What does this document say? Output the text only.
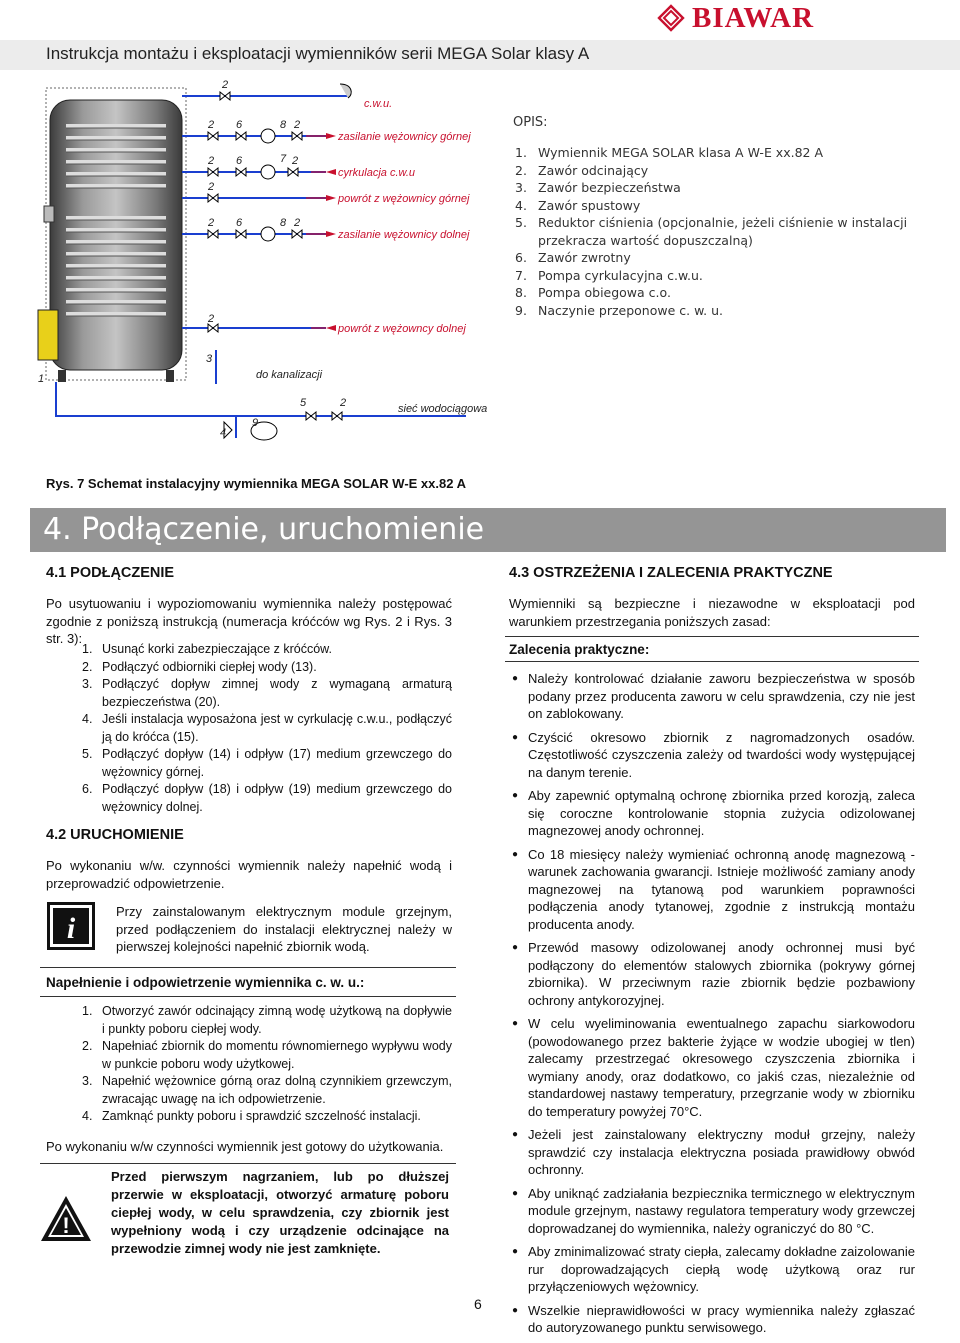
BIAWAR
Instrukcja montażu i eksploatacji wymienników serii MEGA Solar klasy A
c.w.u.
zasilanie wężownicy górnej
cyrkulacja c.w.u
powrót z wężownicy górnej
zasilanie wężownicy dolnej
powrót z wężowncy dolnej
do kanalizacji
sieć wodociągowa
2
2 6	8 2
2 6	7 2
2
2 6	8 2
2
1
3
4
9
5	2
OPIS:
1. Wymiennik MEGA SOLAR klasa A W-E xx.82 A
2. Zawór odcinający
3. Zawór bezpieczeństwa
4. Zawór spustowy
5. Reduktor ciśnienia (opcjonalnie, jeżeli ciśnienie w instalacji przekracza wartość dopuszczalną)
6. Zawór zwrotny
7. Pompa cyrkulacyjna c.w.u.
8. Pompa obiegowa c.o.
9. Naczynie przeponowe c. w. u.
Rys. 7 Schemat instalacyjny wymiennika MEGA SOLAR W-E xx.82 A
4. Podłączenie, uruchomienie
4.1 PODŁĄCZENIE
Po usytuowaniu i wypoziomowaniu wymiennika należy postępować zgodnie z poniższą instrukcją (numeracja króćców wg Rys. 2 i Rys. 3 str. 3):
1. Usunąć korki zabezpieczające z króćców.
2. Podłączyć odbiorniki ciepłej wody (13).
3. Podłączyć dopływ zimnej wody z wymaganą armaturą bezpieczeństwa (20).
4. Jeśli instalacja wyposażona jest w cyrkulację c.w.u., podłączyć ją do króćca (15).
5. Podłączyć dopływ (14) i odpływ (17) medium grzewczego do wężownicy górnej.
6. Podłączyć dopływ (18) i odpływ (19) medium grzewczego do wężownicy dolnej.
4.2 URUCHOMIENIE
Po wykonaniu w/w. czynności wymiennik należy napełnić wodą i przeprowadzić odpowietrzenie.
i
Przy zainstalowanym elektrycznym module grzejnym, przed podłączeniem do instalacji elektrycznej należy w pierwszej kolejności napełnić zbiornik wodą.
Napełnienie i odpowietrzenie wymiennika c. w. u.:
1. Otworzyć zawór odcinający zimną wodę użytkową na dopływie i punkty poboru ciepłej wody.
2. Napełniać zbiornik do momentu równomiernego wypływu wody w punkcie poboru wody użytkowej.
3. Napełnić wężownice górną oraz dolną czynnikiem grzewczym, zwracając uwagę na ich odpowietrzenie.
4. Zamknąć punkty poboru i sprawdzić szczelność instalacji.
Po wykonaniu w/w czynności wymiennik jest gotowy do użytkowania.
!
Przed pierwszym nagrzaniem, lub po dłuższej przerwie w eksploatacji, otworzyć armaturę poboru ciepłej wody, w celu sprawdzenia, czy zbiornik jest wypełniony wodą i czy urządzenie odcinające na przewodzie zimnej wody nie jest zamknięte.
4.3 OSTRZEŻENIA I ZALECENIA PRAKTYCZNE
Wymienniki są bezpieczne i niezawodne w eksploatacji pod warunkiem przestrzegania poniższych zasad:
Zalecenia praktyczne:
● Należy kontrolować działanie zaworu bezpieczeństwa w sposób podany przez producenta zaworu w celu sprawdzenia, czy nie jest on zablokowany.
● Czyścić okresowo zbiornik z nagromadzonych osadów. Częstotliwość czyszczenia zależy od twardości wody występującej na danym terenie.
● Aby zapewnić optymalną ochronę zbiornika przed korozją, zaleca się coroczne kontrolowanie stopnia zużycia odizolowanej magnezowej anody ochronnej.
● Co 18 miesięcy należy wymieniać ochronną anodę magnezową - warunek zachowania gwarancji. Istnieje możliwość zamiany anody magnezowej na tytanową pod warunkiem poprawności podłączenia anody tytanowej, zgodnie z instrukcją montażu producenta anody.
● Przewód masowy odizolowanej anody ochronnej musi być podłączony do elementów stalowych zbiornika (pokrywy górnej zbiornika). W przeciwnym razie zbiornik będzie pozbawiony ochrony antykorozyjnej.
● W celu wyeliminowania ewentualnego zapachu siarkowodoru (powodowanego przez bakterie żyjące w wodzie ubogiej w tlen) zalecamy przestrzegać okresowego czyszczenia zbiornika i wymiany anody, oraz dodatkowo, co jakiś czas, niezależnie od standardowej nastawy temperatury, przegrzanie wody w zbiorniku do temperatury powyżej 70°C.
● Jeżeli jest zainstalowany elektryczny moduł grzejny, należy sprawdzić czy instalacja elektryczna posiada prawidłowy obwód ochronny.
● Aby uniknąć zadziałania bezpiecznika termicznego w elektrycznym module grzejnym, nastawy regulatora temperatury wody grzewczej doprowadzanej do wymiennika, należy ograniczyć do 80 °C.
● Aby zminimalizować straty ciepła, zalecamy dokładne zaizolowanie rur doprowadzających ciepłą wodę użytkową oraz rur przyłączeniowych wężownicy.
● Wszelkie nieprawidłowości w pracy wymiennika należy zgłaszać do autoryzowanego punktu serwisowego.
6
